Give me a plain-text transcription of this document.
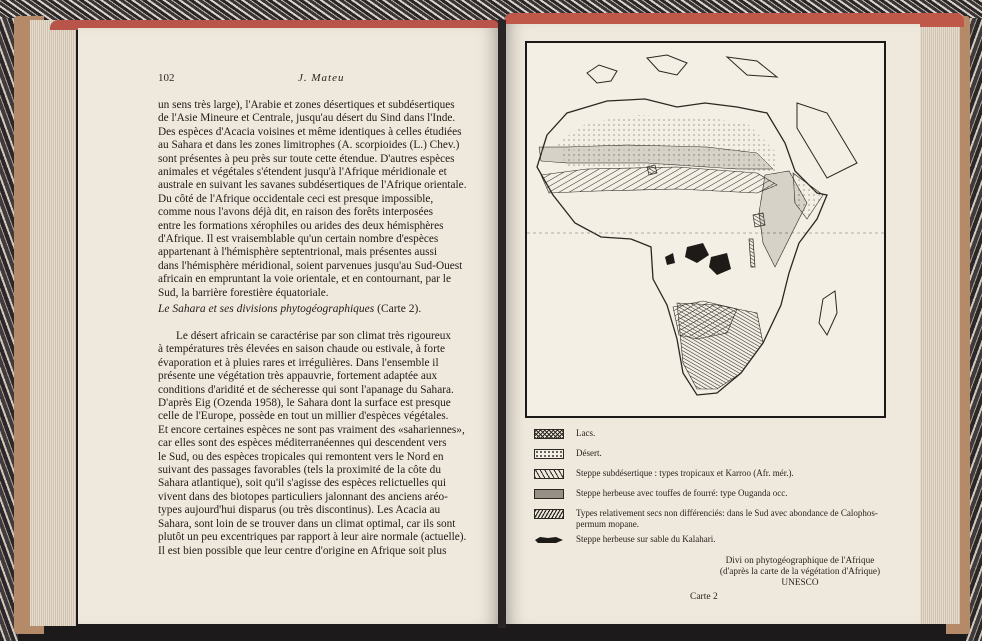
102	J. Mateu

un sens très large), l'Arabie et zones désertiques et subdésertiques

de l'Asie Mineure et Centrale, jusqu'au désert du Sind dans l'Inde.

Des espèces d'Acacia voisines et même identiques à celles étudiées

au Sahara et dans les zones limitrophes (A. scorpioides (L.) Chev.)

sont présentes à peu près sur toute cette étendue. D'autres espèces

animales et végétales s'étendent jusqu'à l'Afrique méridionale et

australe en suivant les savanes subdésertiques de l'Afrique orientale.

Du côté de l'Afrique occidentale ceci est presque impossible,

comme nous l'avons déjà dit, en raison des forêts interposées

entre les formations xérophiles ou arides des deux hémisphères

d'Afrique. Il est vraisemblable qu'un certain nombre d'espèces

appartenant à l'hémisphère septentrional, mais présentes aussi

dans l'hémisphère méridional, soient parvenues jusqu'au Sud-Ouest

africain en empruntant la voie orientale, et en contournant, par le

Sud, la barrière forestière équatoriale.

Le Sahara et ses divisions phytogéographiques (Carte 2).

Le désert africain se caractérise par son climat très rigoureux

à températures très élevées en saison chaude ou estivale, à forte

évaporation et à pluies rares et irrégulières. Dans l'ensemble il

présente une végétation très appauvrie, fortement adaptée aux

conditions d'aridité et de sécheresse qui sont l'apanage du Sahara.

D'après Eig (Ozenda 1958), le Sahara dont la surface est presque

celle de l'Europe, possède en tout un millier d'espèces végétales.

Et encore certaines espèces ne sont pas vraiment des «sahariennes»,

car elles sont des espèces méditerranéennes qui descendent vers

le Sud, ou des espèces tropicales qui remontent vers le Nord en

suivant des passages favorables (tels la proximité de la côte du

Sahara atlantique), soit qu'il s'agisse des espèces relictuelles qui

vivent dans des biotopes particuliers jalonnant des anciens aréo-

types aujourd'hui disparus (ou très discontinus). Les Acacia au

Sahara, sont loin de se trouver dans un climat optimal, car ils sont

plutôt un peu excentriques par rapport à leur aire normale (actuelle).

Il est bien possible que leur centre d'origine en Afrique soit plus

Lacs.
Désert.
Steppe subdésertique : types tropicaux et Karroo (Afr. mér.).
Steppe herbeuse avec touffes de fourré: type Ouganda occ.
Types relativement secs non différenciés: dans le Sud avec abondance de Calophos-permum mopane.
Steppe herbeuse sur sable du Kalahari.
Divi on phytogéographique de l'Afrique
(d'après la carte de la végétation d'Afrique)
UNESCO
Carte 2
